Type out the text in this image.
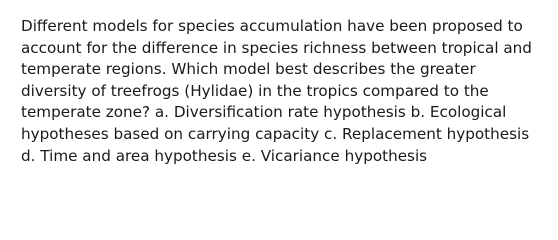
Different models for species accumulation have been proposed to account for the difference in species richness between tropical and temperate regions. Which model best describes the greater diversity of treefrogs (Hylidae) in the tropics compared to the temperate zone? a. Diversification rate hypothesis b. Ecological hypotheses based on carrying capacity c. Replacement hypothesis d. Time and area hypothesis e. Vicariance hypothesis
